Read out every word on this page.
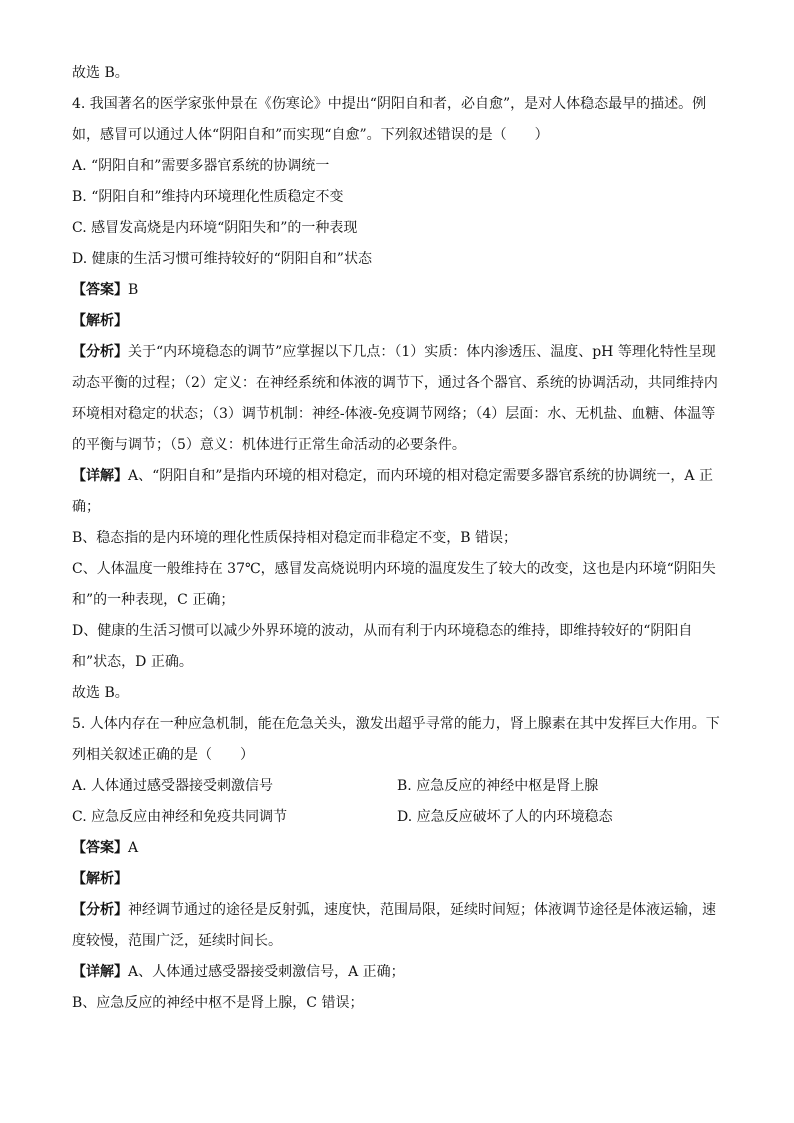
故选 B。
4. 我国著名的医学家张仲景在《伤寒论》中提出“阴阳自和者，必自愈”，是对人体稳态最早的描述。例如，感冒可以通过人体“阴阳自和”而实现“自愈”。下列叙述错误的是（　　）
A. “阴阳自和”需要多器官系统的协调统一
B. “阴阳自和”维持内环境理化性质稳定不变
C. 感冒发高烧是内环境“阴阳失和”的一种表现
D. 健康的生活习惯可维持较好的“阴阳自和”状态
【答案】B
【解析】
【分析】关于“内环境稳态的调节”应掌握以下几点：（1）实质：体内渗透压、温度、pH 等理化特性呈现动态平衡的过程；（2）定义：在神经系统和体液的调节下，通过各个器官、系统的协调活动，共同维持内环境相对稳定的状态；（3）调节机制：神经-体液-免疫调节网络；（4）层面：水、无机盐、血糖、体温等的平衡与调节；（5）意义：机体进行正常生命活动的必要条件。
【详解】A、“阴阳自和”是指内环境的相对稳定，而内环境的相对稳定需要多器官系统的协调统一，A 正确；
B、稳态指的是内环境的理化性质保持相对稳定而非稳定不变，B 错误；
C、人体温度一般维持在 37℃，感冒发高烧说明内环境的温度发生了较大的改变，这也是内环境“阴阳失和”的一种表现，C 正确；
D、健康的生活习惯可以减少外界环境的波动，从而有利于内环境稳态的维持，即维持较好的“阴阳自和”状态，D 正确。
故选 B。
5. 人体内存在一种应急机制，能在危急关头，激发出超乎寻常的能力，肾上腺素在其中发挥巨大作用。下列相关叙述正确的是（　　）
A. 人体通过感受器接受刺激信号	B. 应急反应的神经中枢是肾上腺
C. 应急反应由神经和免疫共同调节	D. 应急反应破坏了人的内环境稳态
【答案】A
【解析】
【分析】神经调节通过的途径是反射弧，速度快，范围局限，延续时间短；体液调节途径是体液运输，速度较慢，范围广泛，延续时间长。
【详解】A、人体通过感受器接受刺激信号，A 正确；
B、应急反应的神经中枢不是肾上腺，C 错误；
